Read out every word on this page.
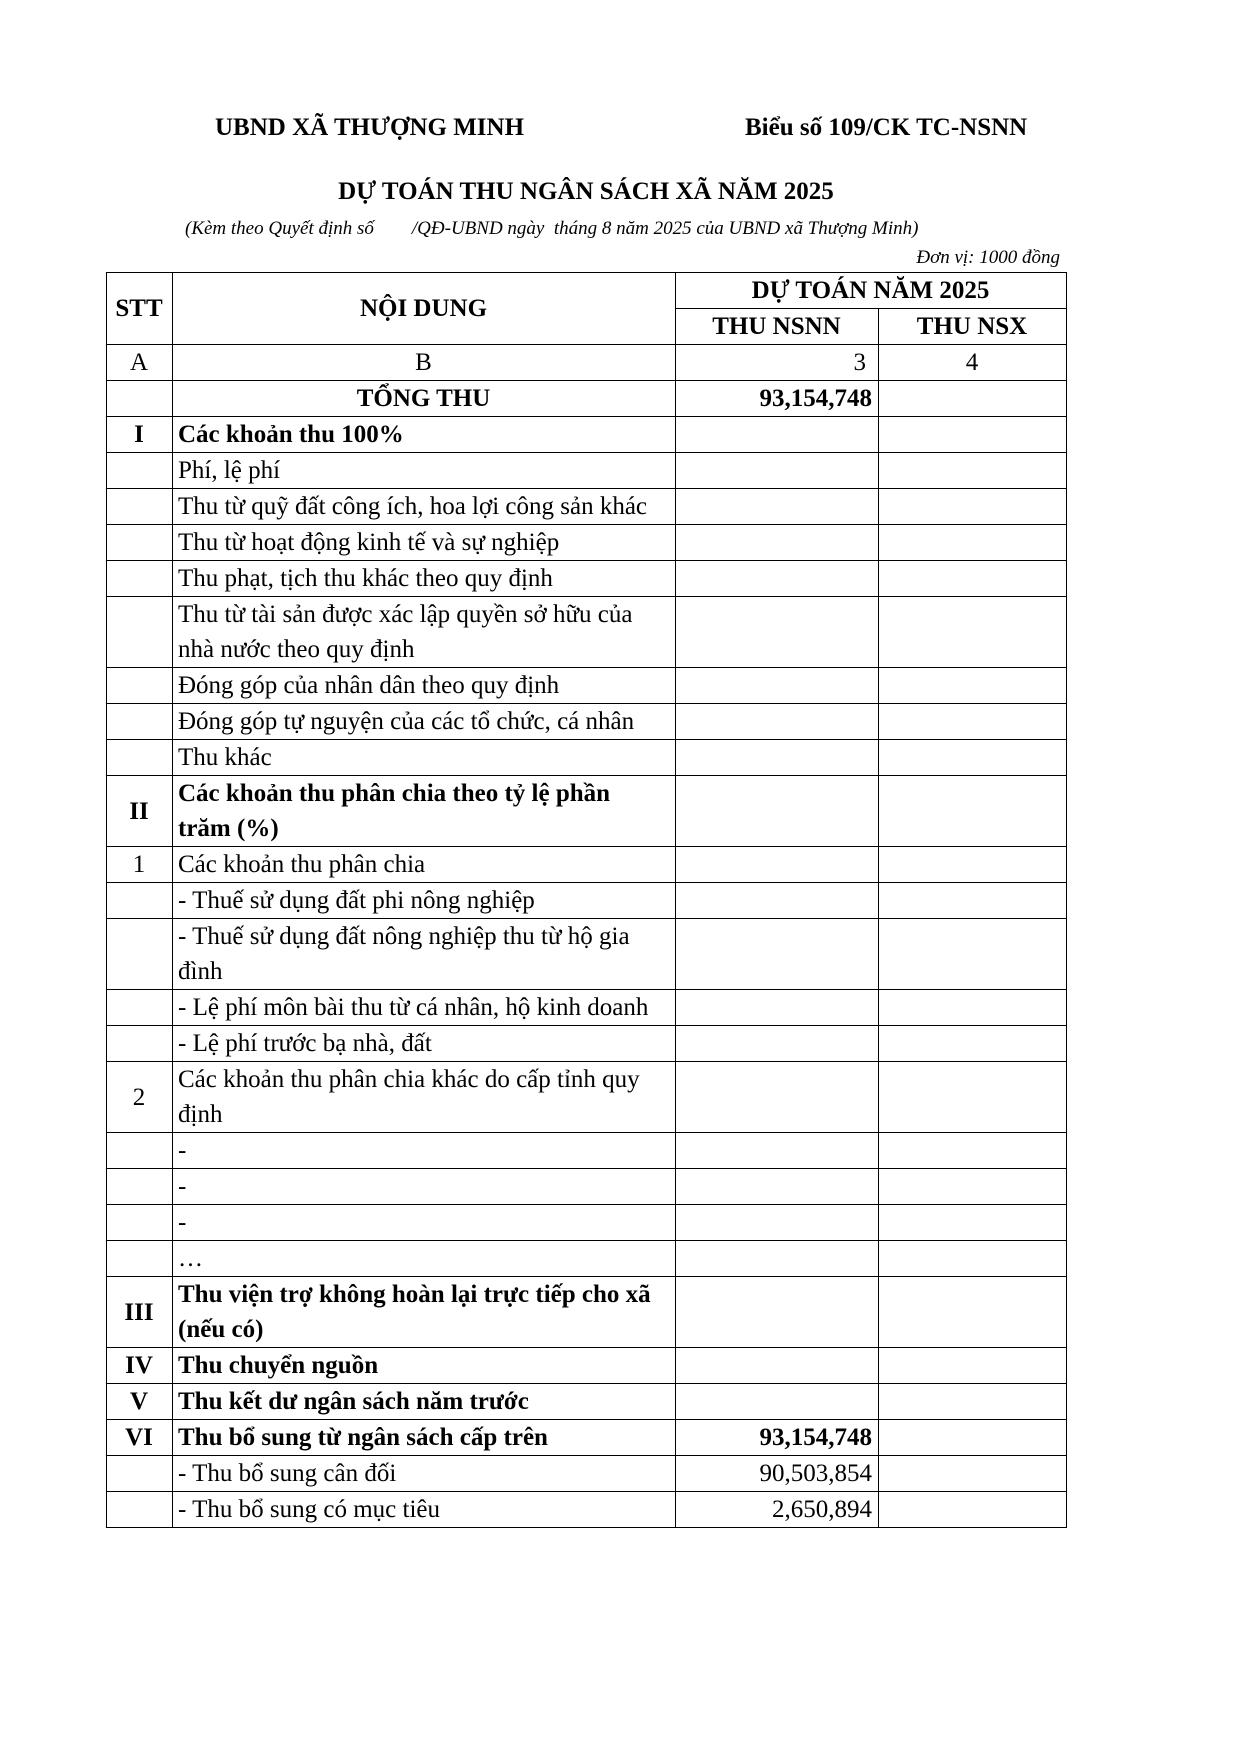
UBND XÃ THƯỢNG MINH	Biểu số 109/CK TC-NSNN
DỰ TOÁN THU NGÂN SÁCH XÃ NĂM 2025
(Kèm theo Quyết định số        /QĐ-UBND ngày  tháng 8 năm 2025 của UBND xã Thượng Minh)
Đơn vị: 1000 đồng
STT	NỘI DUNG	DỰ TOÁN NĂM 2025	
		THU NSNN	THU NSX
A	B	3	4
	TỔNG THU	93,154,748	
I	Các khoản thu 100%		
	Phí, lệ phí		
	Thu từ quỹ đất công ích, hoa lợi công sản khác		
	Thu từ hoạt động kinh tế và sự nghiệp		
	Thu phạt, tịch thu khác theo quy định		
	Thu từ tài sản được xác lập quyền sở hữu của nhà nước theo quy định		
	Đóng góp của nhân dân theo quy định		
	Đóng góp tự nguyện của các tổ chức, cá nhân		
	Thu khác		
II	Các khoản thu phân chia theo tỷ lệ phần trăm (%)		
1	Các khoản thu phân chia		
	- Thuế sử dụng đất phi nông nghiệp		
	- Thuế sử dụng đất nông nghiệp thu từ hộ gia đình		
	- Lệ phí môn bài thu từ cá nhân, hộ kinh doanh		
	- Lệ phí trước bạ nhà, đất		
2	Các khoản thu phân chia khác do cấp tỉnh quy định		
	-		
	-		
	-		
	…		
III	Thu viện trợ không hoàn lại trực tiếp cho xã (nếu có)		
IV	Thu chuyển nguồn		
V	Thu kết dư ngân sách năm trước		
VI	Thu bổ sung từ ngân sách cấp trên	93,154,748	
	- Thu bổ sung cân đối	90,503,854	
	- Thu bổ sung có mục tiêu	2,650,894	
